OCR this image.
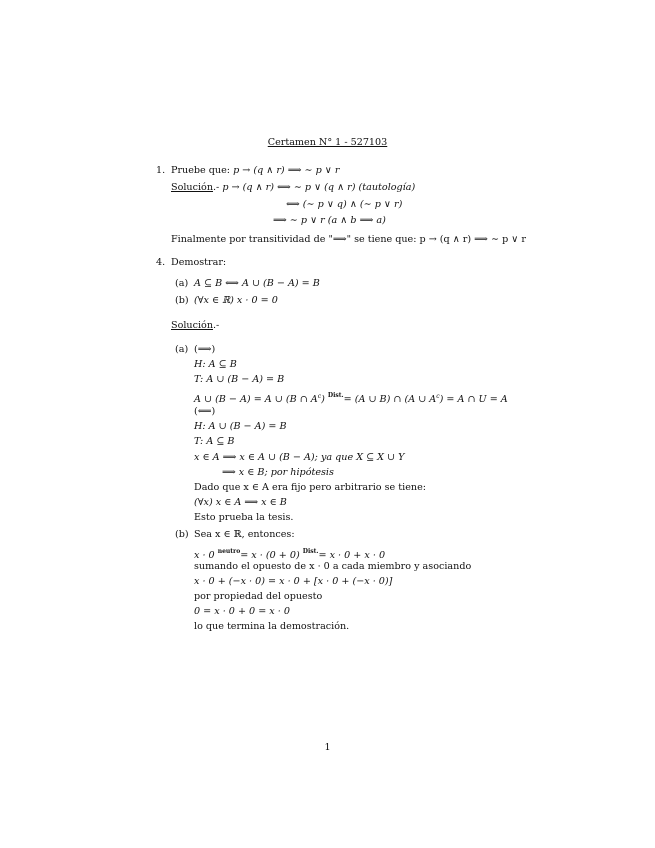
Certamen N° 1 - 527103
1. Pruebe que: p → (q ∧ r) ⟹ ∼ p ∨ r
Solución.- p → (q ∧ r) ⟺ ∼ p ∨ (q ∧ r) (tautología)
⟺ (∼ p ∨ q) ∧ (∼ p ∨ r)
⟹ ∼ p ∨ r (a ∧ b ⟹ a)
Finalmente por transitividad de "⟹" se tiene que: p → (q ∧ r) ⟹ ∼ p ∨ r
4. Demostrar:
(a) A ⊆ B ⟺ A ∪ (B − A) = B
(b) (∀x ∈ ℝ) x · 0 = 0
Solución.-
(a) (⟹)
H: A ⊆ B
T: A ∪ (B − A) = B
A ∪ (B − A) = A ∪ (B ∩ $A^c$) $^{Dist.}$= (A ∪ B) ∩ (A ∪ $A^c) = A$ ∩ U = A
(⟸)
H: A ∪ (B − A) = B
T: A ⊆ B
x ∈ A ⟹ x ∈ A ∪ (B − A); ya que X ⊆ X ∪ Y
⟹ x ∈ B; por hipótesis
Dado que x ∈ A era fijo pero arbitrario se tiene:
(∀x) x ∈ A ⟹ x ∈ B
Esto prueba la tesis.
(b) Sea x ∈ ℝ, entonces:
x · 0 $^{neutro}$= x · (0 + 0) $^{Dist.}$= x · 0 + x · 0
sumando el opuesto de x · 0 a cada miembro y asociando
x · 0 + (−x · 0) = x · 0 + [x · 0 + (−x · 0)]
por propiedad del opuesto
0 = x · 0 + 0 = x · 0
lo que termina la demostración.
1
